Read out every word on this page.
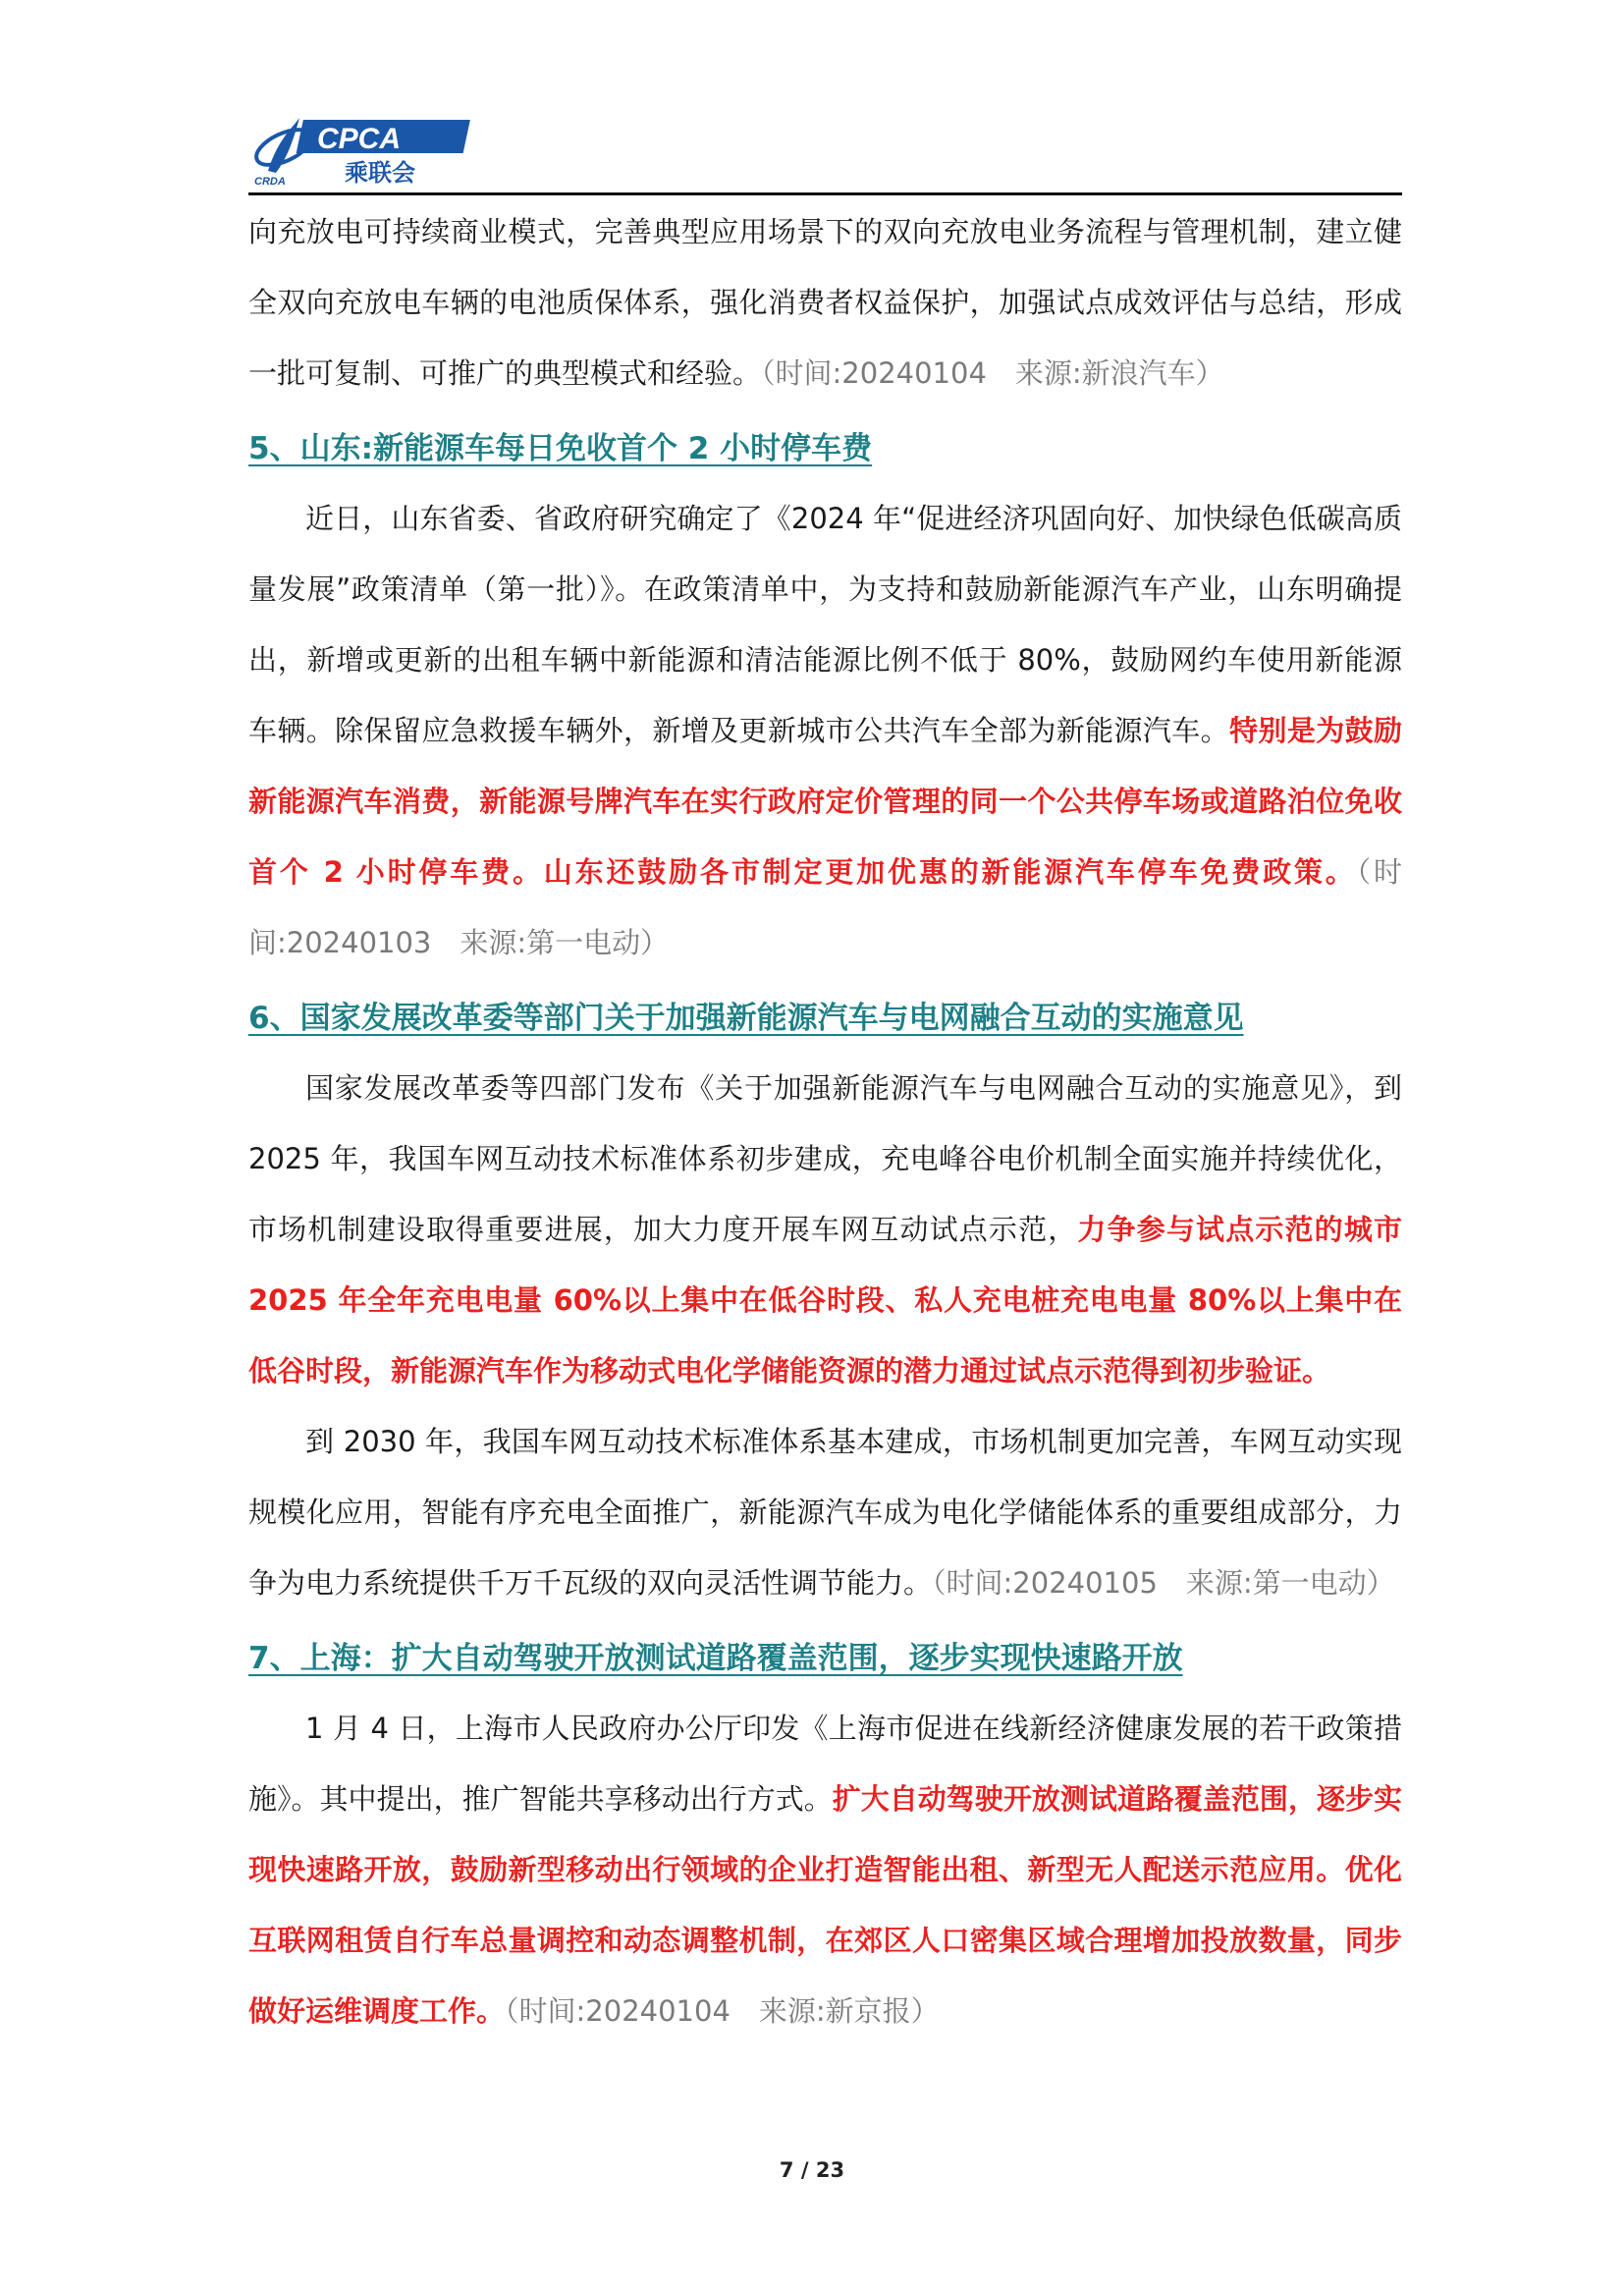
CPCA
乘联会
CRDA

向充放电可持续商业模式，完善典型应用场景下的双向充放电业务流程与管理机制，建立健全双向充放电车辆的电池质保体系，强化消费者权益保护，加强试点成效评估与总结，形成一批可复制、可推广的典型模式和经验。（时间:20240104　来源:新浪汽车）

5、山东:新能源车每日免收首个 2 小时停车费

近日，山东省委、省政府研究确定了《2024 年“促进经济巩固向好、加快绿色低碳高质量发展”政策清单（第一批）》。在政策清单中，为支持和鼓励新能源汽车产业，山东明确提出，新增或更新的出租车辆中新能源和清洁能源比例不低于 80%，鼓励网约车使用新能源车辆。除保留应急救援车辆外，新增及更新城市公共汽车全部为新能源汽车。特别是为鼓励新能源汽车消费，新能源号牌汽车在实行政府定价管理的同一个公共停车场或道路泊位免收首个 2 小时停车费。山东还鼓励各市制定更加优惠的新能源汽车停车免费政策。（时间:20240103　来源:第一电动）

6、国家发展改革委等部门关于加强新能源汽车与电网融合互动的实施意见

国家发展改革委等四部门发布《关于加强新能源汽车与电网融合互动的实施意见》，到 2025 年，我国车网互动技术标准体系初步建成，充电峰谷电价机制全面实施并持续优化，市场机制建设取得重要进展，加大力度开展车网互动试点示范，力争参与试点示范的城市 2025 年全年充电电量 60%以上集中在低谷时段、私人充电桩充电电量 80%以上集中在低谷时段，新能源汽车作为移动式电化学储能资源的潜力通过试点示范得到初步验证。

到 2030 年，我国车网互动技术标准体系基本建成，市场机制更加完善，车网互动实现规模化应用，智能有序充电全面推广，新能源汽车成为电化学储能体系的重要组成部分，力争为电力系统提供千万千瓦级的双向灵活性调节能力。（时间:20240105　来源:第一电动）

7、上海：扩大自动驾驶开放测试道路覆盖范围，逐步实现快速路开放

1 月 4 日，上海市人民政府办公厅印发《上海市促进在线新经济健康发展的若干政策措施》。其中提出，推广智能共享移动出行方式。扩大自动驾驶开放测试道路覆盖范围，逐步实现快速路开放，鼓励新型移动出行领域的企业打造智能出租、新型无人配送示范应用。优化互联网租赁自行车总量调控和动态调整机制，在郊区人口密集区域合理增加投放数量，同步做好运维调度工作。（时间:20240104　来源:新京报）

7 / 23
